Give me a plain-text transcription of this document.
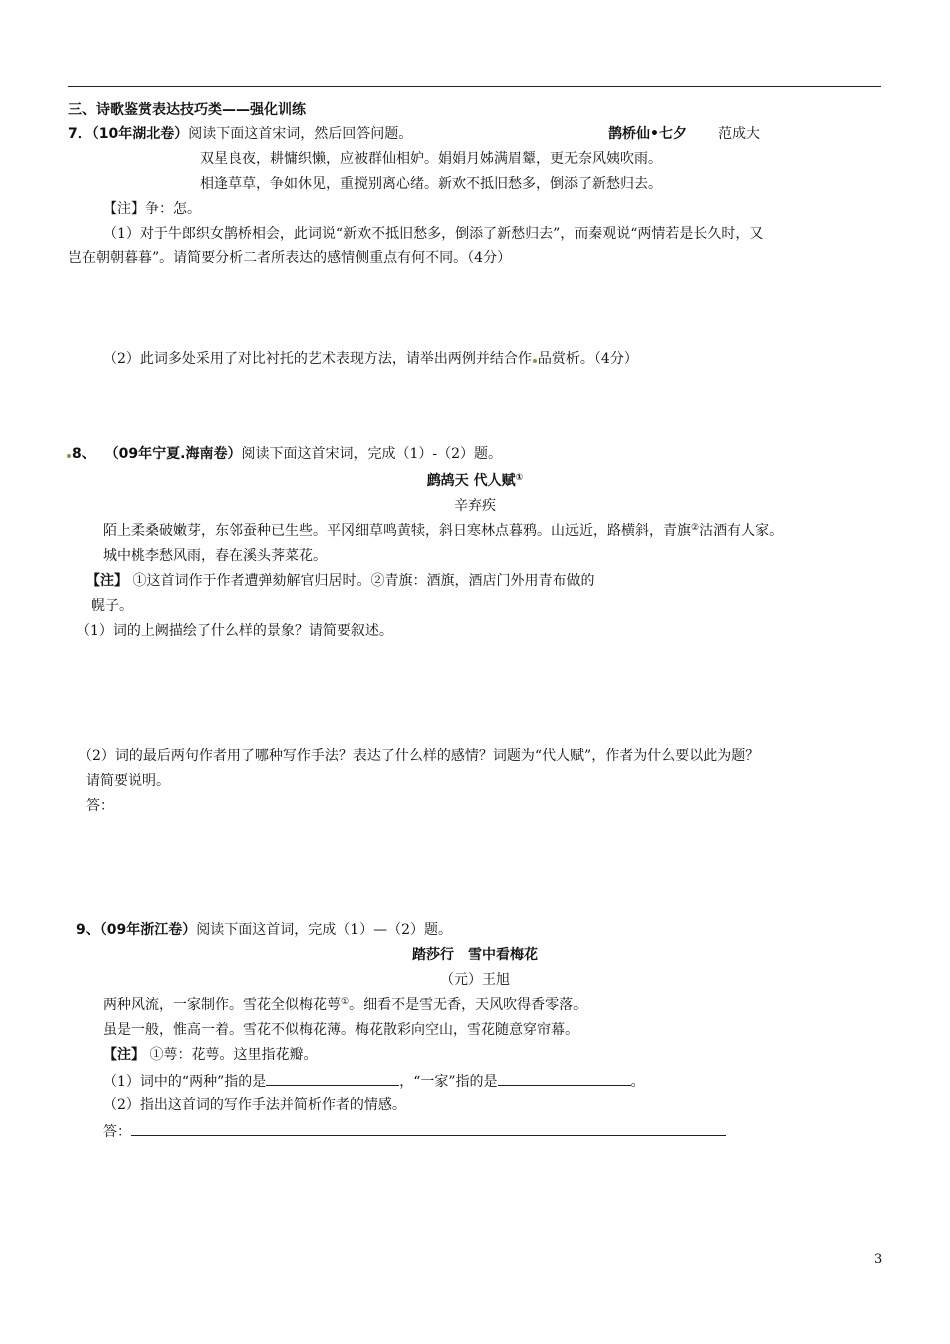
三、诗歌鉴赏表达技巧类——强化训练
7．（10年湖北卷）阅读下面这首宋词，然后回答问题。	鹊桥仙•七夕 范成大
双星良夜，耕慵织懒，应被群仙相妒。娟娟月姊满眉颦，更无奈风姨吹雨。
相逢草草，争如休见，重搅别离心绪。新欢不抵旧愁多，倒添了新愁归去。
【注】争：怎。
（1）对于牛郎织女鹊桥相会，此词说“新欢不抵旧愁多，倒添了新愁归去”，而秦观说“两情若是长久时，又
岂在朝朝暮暮”。请简要分析二者所表达的感情侧重点有何不同。（4分）
（2）此词多处采用了对比衬托的艺术表现方法，请举出两例并结合作 品赏析。（4分）
8、 （09年宁夏.海南卷）阅读下面这首宋词，完成（1）-（2）题。
鹧鸪天 代人赋①
辛弃疾
陌上柔桑破嫩芽，东邻蚕种已生些。平冈细草鸣黄犊，斜日寒林点暮鸦。山远近，路横斜，青旗②沽酒有人家。
城中桃李愁风雨，春在溪头荠菜花。
【注】 ①这首词作于作者遭弹劾解官归居时。②青旗：酒旗，酒店门外用青布做的
幌子。
（1）词的上阙描绘了什么样的景象？请简要叙述。
（2）词的最后两句作者用了哪种写作手法？表达了什么样的感情？词题为“代人赋”，作者为什么要以此为题？
请简要说明。
答：
9、（09年浙江卷）阅读下面这首词，完成（1）—（2）题。
踏莎行　雪中看梅花
（元）王旭
两种风流，一家制作。雪花全似梅花萼①。细看不是雪无香，天风吹得香零落。
虽是一般，惟高一着。雪花不似梅花薄。梅花散彩向空山，雪花随意穿帘幕。
【注】 ①萼：花萼。这里指花瓣。
（1）词中的“两种”指的是	，“一家”指的是	。
（2）指出这首词的写作手法并简析作者的情感。
答：
3
